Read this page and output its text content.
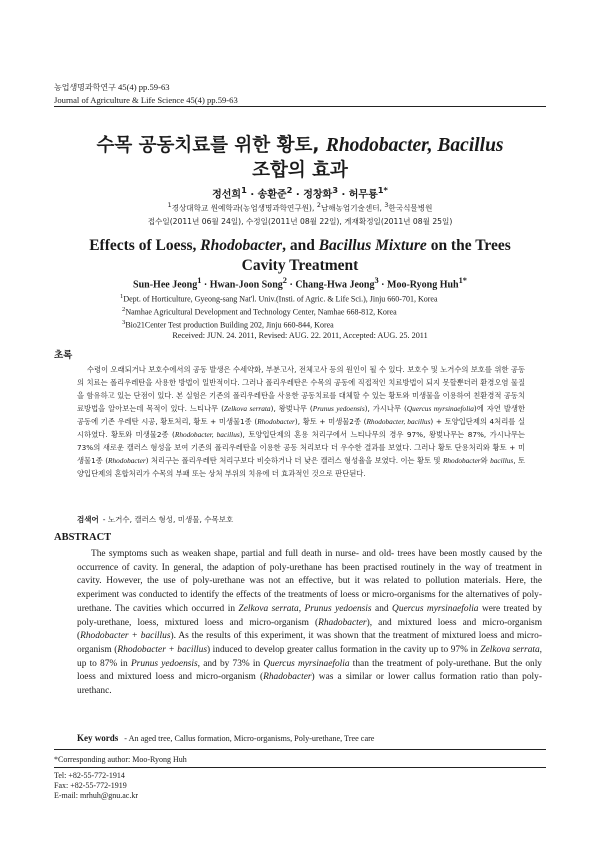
농업생명과학연구 45(4) pp.59-63
Journal of Agriculture & Life Science 45(4) pp.59-63
수목 공동치료를 위한 황토, Rhodobacter, Bacillus
조합의 효과
정선희$^1$ · 송환준$^2$ · 정창화$^3$ · 허무룡$^{1*}$
$^1$경상대학교 원예학과(농업생명과학연구원), $^2$남해농업기술센터, $^3$한국식물병원
접수일(2011년 06월 24일), 수정일(2011년 08월 22일), 게재확정일(2011년 08월 25일)
Effects of Loess, Rhodobacter, and Bacillus Mixture on the Trees
Cavity Treatment
Sun-Hee Jeong$^1$ · Hwan-Joon Song$^2$ · Chang-Hwa Jeong$^3$ · Moo-Ryong Huh$^{1*}$
$^1$Dept. of Horticulture, Gyeong-sang Nat'l. Univ.(Insti. of Agric. & Life Sci.), Jinju 660-701, Korea
$^2$Namhae Agricultural Development and Technology Center, Namhae 668-812, Korea
$^3$Bio21Center Test production Building 202, Jinju 660-844, Korea
Received: JUN. 24. 2011, Revised: AUG. 22. 2011, Accepted: AUG. 25. 2011
초록
수령이 오래되거나 보호수에서의 공동 발생은 수세약화, 부분고사, 전체고사 등의 원인이 될 수 있다. 보호수 및 노거수의 보호를 위한 공동의 치료는 폴리우레탄을 사용한 방법이 일반적이다. 그러나 폴리우레탄은 수목의 공동에 직접적인 치료방법이 되지 못할뿐더러 환경오염 물질을 함유하고 있는 단점이 있다. 본 실험은 기존의 폴리우레탄을 사용한 공동치료를 대체할 수 있는 황토와 미생물을 이용하여 친환경적 공동치료방법을 알아보는데 목적이 있다. 느티나무 (Zelkova serrata), 왕벚나무 (Prunus yedoensis), 가시나무 (Quercus myrsinaefolia)에 자연 발생한 공동에 기존 우레탄 시공, 황토처리, 황토 + 미생물1종 (Rhodobacter), 황토 + 미생물2종 (Rhodobacter, bacillus) + 토양입단제의 4처리를 실시하였다. 황토와 미생물2종 (Rhodobacter, bacillus), 토양입단제의 혼용 처리구에서 느티나무의 경우 97%, 왕벚나무는 87%, 가시나무는 73%의 새로운 캘러스 형성을 보여 기존의 폴리우레탄을 이용한 공동 처리보다 더 우수한 결과를 보였다. 그러나 황토 단용처리와 황토 + 미생물1종 (Rhodobacter) 처리구는 폴리우레탄 처리구보다 비슷하거나 더 낮은 캘러스 형성율을 보였다. 이는 황토 및 Rhodobacter와 bacillus, 토양입단제의 혼합처리가 수목의 부패 또는 상처 부위의 치유에 더 효과적인 것으로 판단된다.
검색어 - 노거수, 캘러스 형성, 미생물, 수목보호
ABSTRACT
The symptoms such as weaken shape, partial and full death in nurse- and old- trees have been mostly caused by the occurrence of cavity. In general, the adaption of poly-urethane has been practised routinely in the way of treatment in cavity. However, the use of poly-urethane was not an effective, but it was related to pollution materials. Here, the experiment was conducted to identify the effects of the treatments of loess or micro-organisms for the alternatives of poly-urethane. The cavities which occurred in Zelkova serrata, Prunus yedoensis and Quercus myrsinaefolia were treated by poly-urethane, loess, mixtured loess and micro-organism (Rhadobacter), and mixtured loess and micro-organism (Rhodobacter + bacillus). As the results of this experiment, it was shown that the treatment of mixtured loess and micro-organism (Rhodobacter + bacillus) induced to develop greater callus formation in the cavity up to 97% in Zelkova serrata, up to 87% in Prunus yedoensis, and by 73% in Quercus myrsinaefolia than the treatment of poly-urethane. But the only loess and mixtured loess and micro-organism (Rhadobacter) was a similar or lower callus formation ratio than poly-urethanc.
Key words - An aged tree, Callus formation, Micro-organisms, Poly-urethane, Tree care
*Corresponding author: Moo-Ryong Huh
Tel: +82-55-772-1914
Fax: +82-55-772-1919
E-mail: mrhuh@gnu.ac.kr
